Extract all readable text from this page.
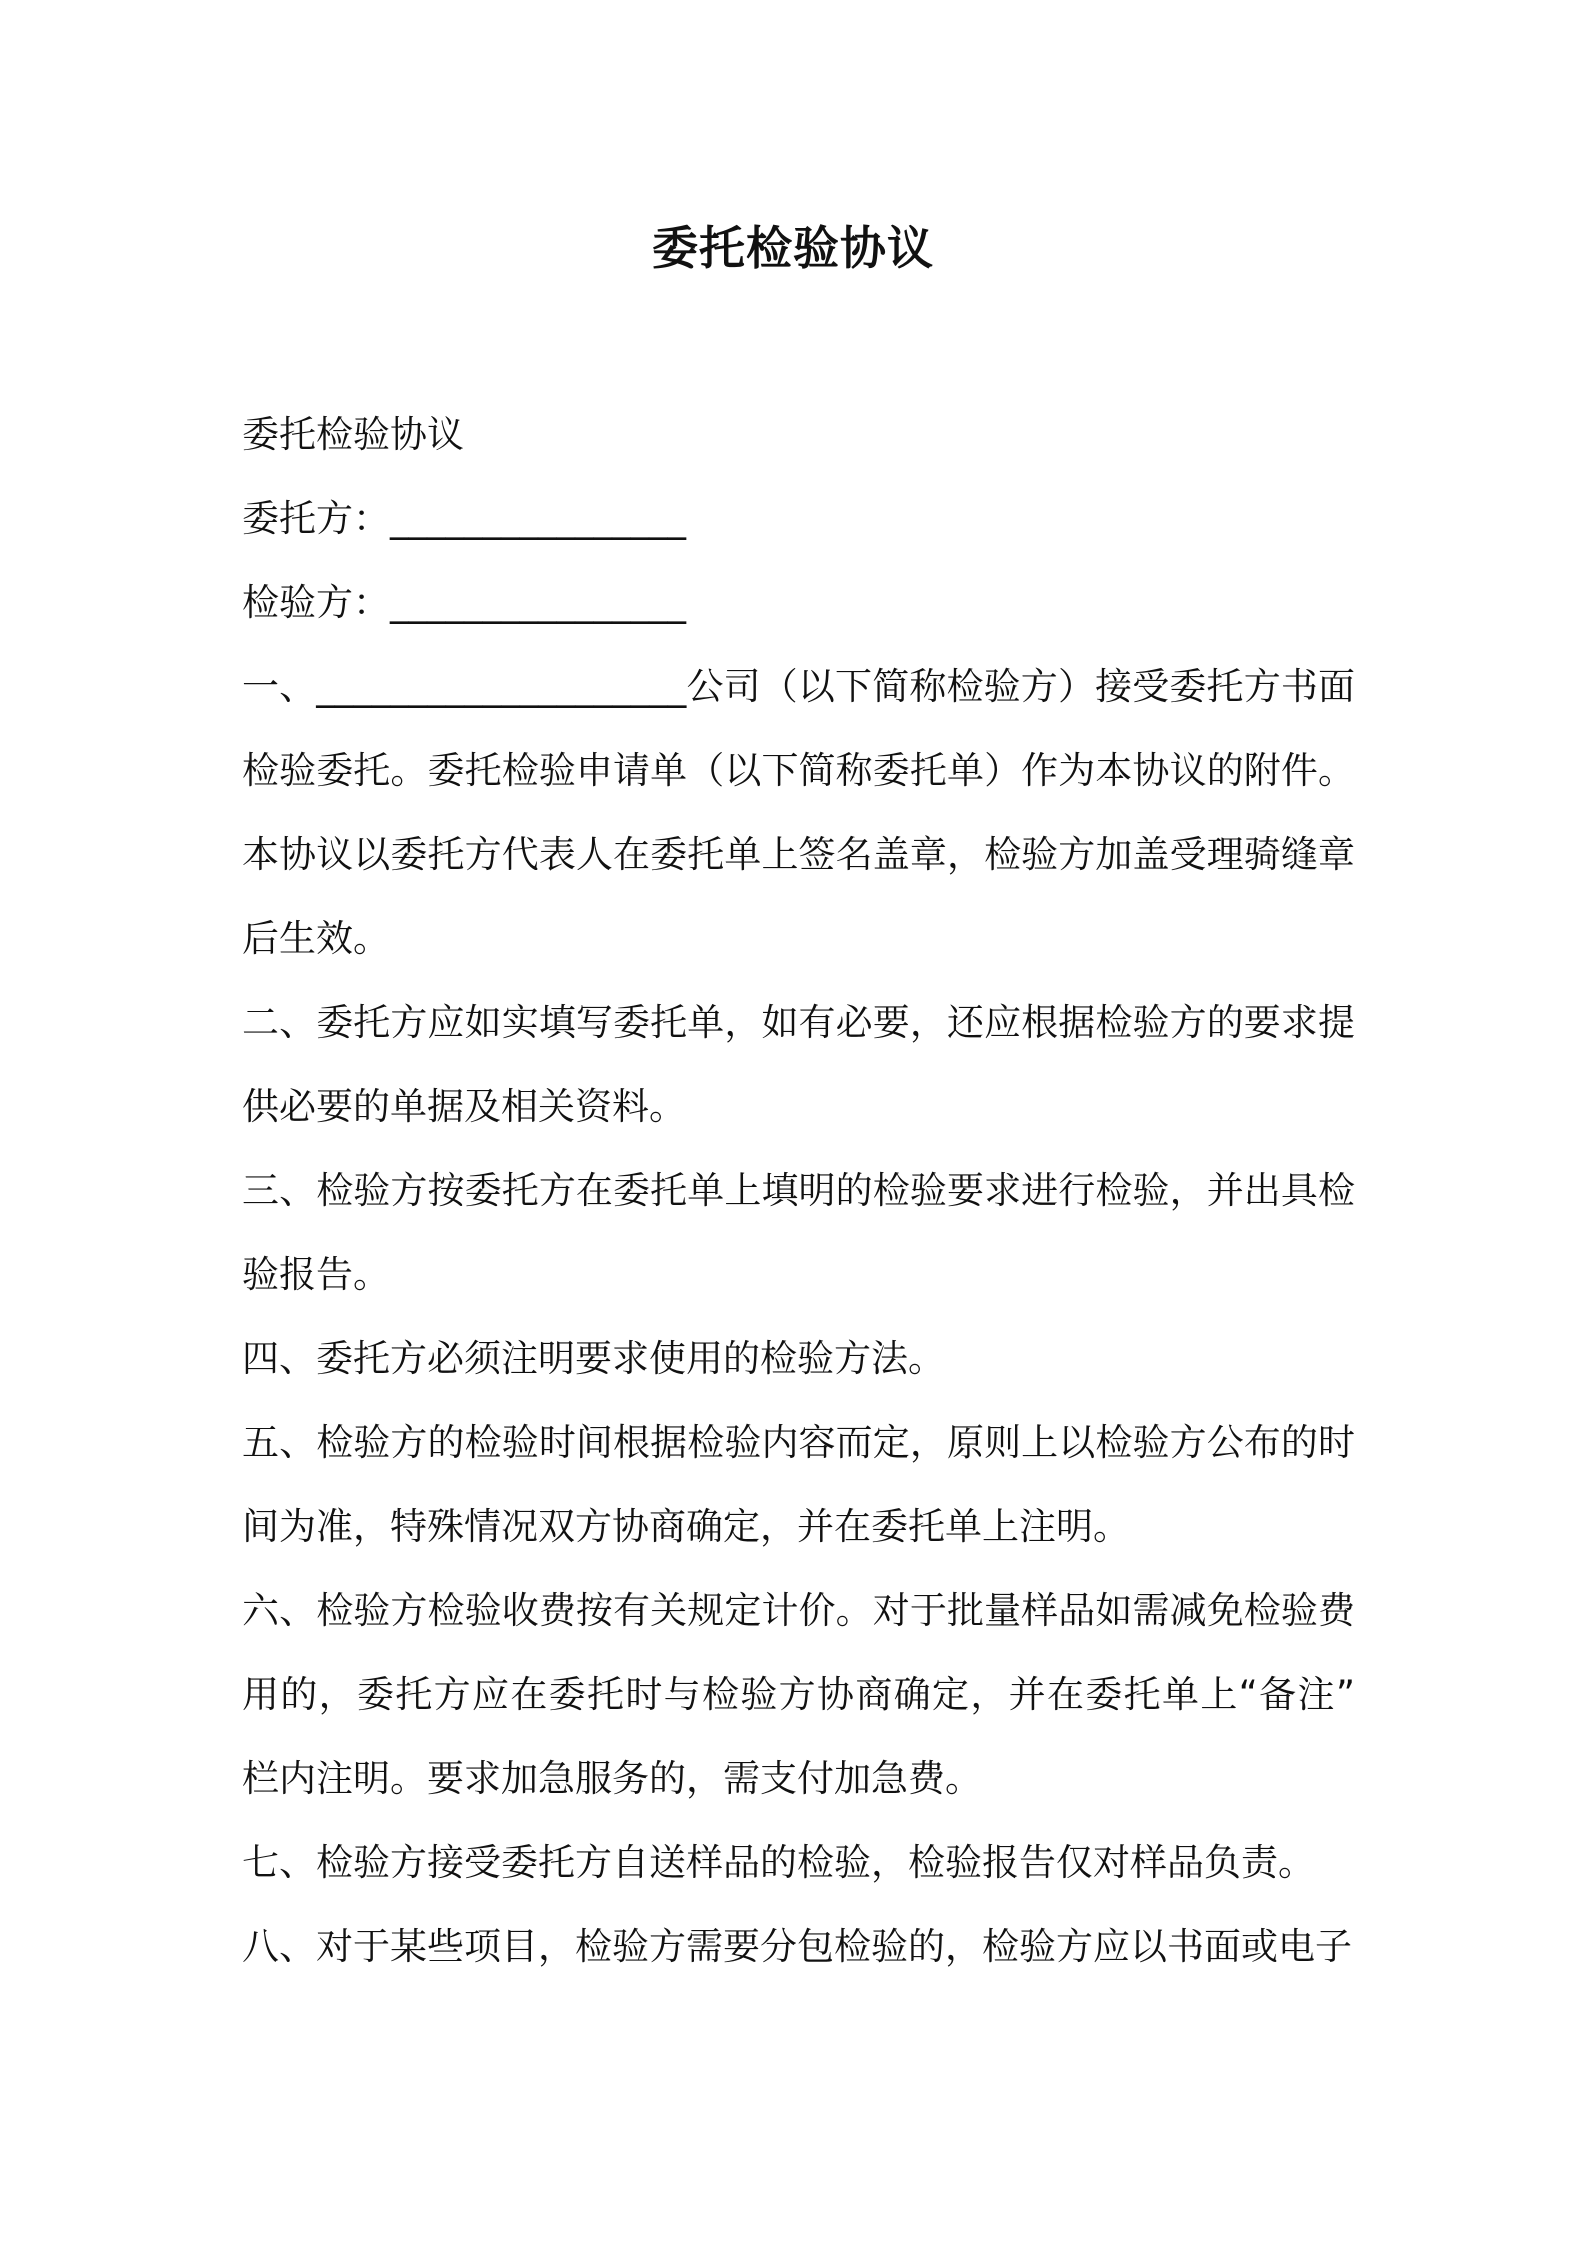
委托检验协议
委托检验协议
委托方：________________
检验方：________________
一、____________________公司（以下简称检验方）接受委托方书面
检验委托。委托检验申请单（以下简称委托单）作为本协议的附件。
本协议以委托方代表人在委托单上签名盖章，检验方加盖受理骑缝章
后生效。
二、委托方应如实填写委托单，如有必要，还应根据检验方的要求提
供必要的单据及相关资料。
三、检验方按委托方在委托单上填明的检验要求进行检验，并出具检
验报告。
四、委托方必须注明要求使用的检验方法。
五、检验方的检验时间根据检验内容而定，原则上以检验方公布的时
间为准，特殊情况双方协商确定，并在委托单上注明。
六、检验方检验收费按有关规定计价。对于批量样品如需减免检验费
用的，委托方应在委托时与检验方协商确定，并在委托单上“备注”
栏内注明。要求加急服务的，需支付加急费。
七、检验方接受委托方自送样品的检验，检验报告仅对样品负责。
八、对于某些项目，检验方需要分包检验的，检验方应以书面或电子
